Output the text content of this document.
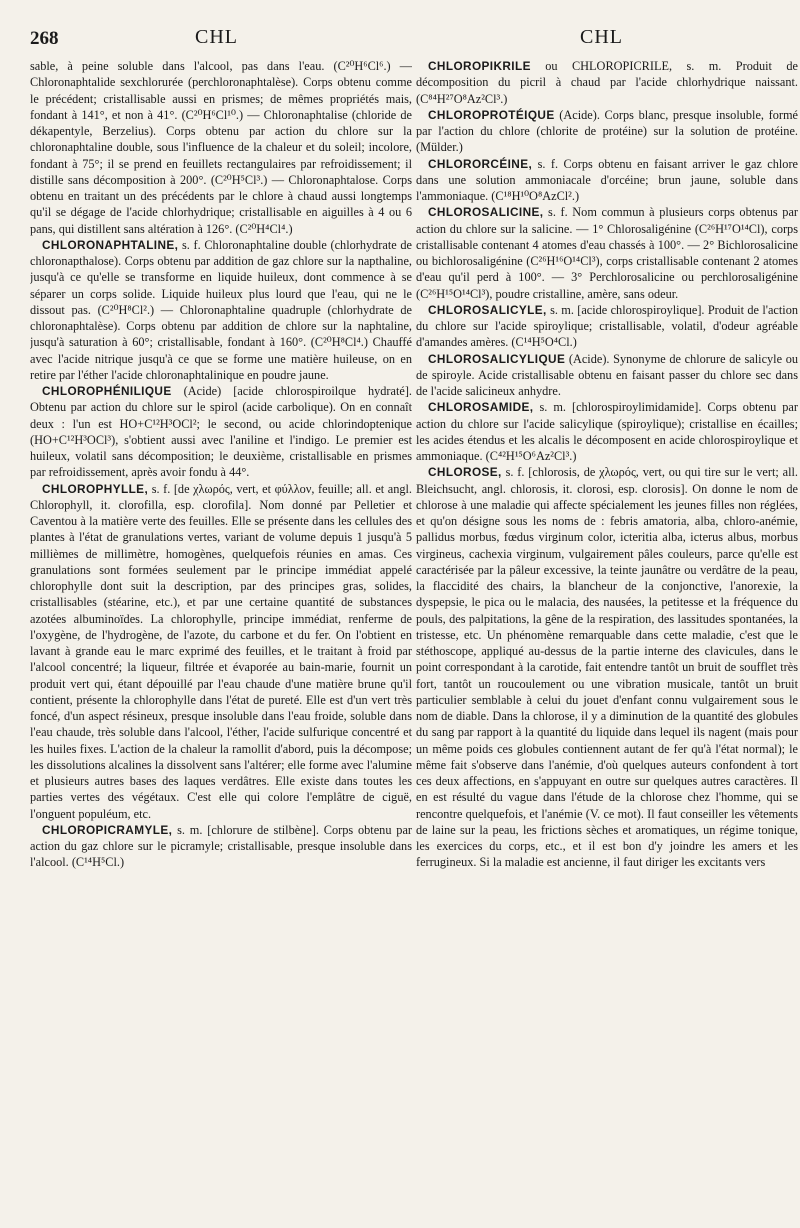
268	CHL	CHL

sable, à peine soluble dans l'alcool, pas dans l'eau. (C²⁰H⁶Cl⁶.) — Chloronaphtalide sexchlorurée (perchloronaphtalèse). Corps obtenu comme le précédent; cristallisable aussi en prismes; de mêmes propriétés mais, fondant à 141°, et non à 41°. (C²⁰H⁶Cl¹⁰.) — Chloronaphtalise (chloride de dékapentyle, Berzelius). Corps obtenu par action du chlore sur la chloronaphtaline double, sous l'influence de la chaleur et du soleil; incolore, fondant à 75°; il se prend en feuillets rectangulaires par refroidissement; il distille sans décomposition à 200°. (C²⁰H⁵Cl³.) — Chloronaphtalose. Corps obtenu en traitant un des précédents par le chlore à chaud aussi longtemps qu'il se dégage de l'acide chlorhydrique; cristallisable en aiguilles à 4 ou 6 pans, qui distillent sans altération à 126°. (C²⁰H⁴Cl⁴.)

CHLORONAPHTALINE, s. f. Chloronaphtaline double (chlorhydrate de chloronapthalose). Corps obtenu par addition de gaz chlore sur la napthaline, jusqu'à ce qu'elle se transforme en liquide huileux, dont commence à se séparer un corps solide. Liquide huileux plus lourd que l'eau, qui ne le dissout pas. (C²⁰H⁸Cl².) — Chloronaphtaline quadruple (chlorhydrate de chloronaphtalèse). Corps obtenu par addition de chlore sur la naphtaline, jusqu'à saturation à 60°; cristallisable, fondant à 160°. (C²⁰H⁸Cl⁴.) Chauffé avec l'acide nitrique jusqu'à ce que se forme une matière huileuse, on en retire par l'éther l'acide chloronaphtalinique en poudre jaune.

CHLOROPHÉNILIQUE (Acide) [acide chlorospiroilque hydraté]. Obtenu par action du chlore sur le spirol (acide carbolique). On en connaît deux : l'un est HO+C¹²H³OCl²; le second, ou acide chlorindoptenique (HO+C¹²H³OCl³), s'obtient aussi avec l'aniline et l'indigo. Le premier est huileux, volatil sans décomposition; le deuxième, cristallisable en prismes par refroidissement, après avoir fondu à 44°.

CHLOROPHYLLE, s. f. [de χλωρός, vert, et φύλλον, feuille; all. et angl. Chlorophyll, it. clorofilla, esp. clorofila]. Nom donné par Pelletier et Caventou à la matière verte des feuilles. Elle se présente dans les cellules des plantes à l'état de granulations vertes, variant de volume depuis 1 jusqu'à 5 millièmes de millimètre, homogènes, quelquefois réunies en amas. Ces granulations sont formées seulement par le principe immédiat appelé chlorophylle dont suit la description, par des principes gras, solides, cristallisables (stéarine, etc.), et par une certaine quantité de substances azotées albuminoïdes. La chlorophylle, principe immédiat, renferme de l'oxygène, de l'hydrogène, de l'azote, du carbone et du fer. On l'obtient en lavant à grande eau le marc exprimé des feuilles, et le traitant à froid par l'alcool concentré; la liqueur, filtrée et évaporée au bain-marie, fournit un produit vert qui, étant dépouillé par l'eau chaude d'une matière brune qu'il contient, présente la chlorophylle dans l'état de pureté. Elle est d'un vert très foncé, d'un aspect résineux, presque insoluble dans l'eau froide, soluble dans l'eau chaude, très soluble dans l'alcool, l'éther, l'acide sulfurique concentré et les huiles fixes. L'action de la chaleur la ramollit d'abord, puis la décompose; les dissolutions alcalines la dissolvent sans l'altérer; elle forme avec l'alumine et plusieurs autres bases des laques verdâtres. Elle existe dans toutes les parties vertes des végétaux. C'est elle qui colore l'emplâtre de ciguë, l'onguent populéum, etc.

CHLOROPICRAMYLE, s. m. [chlorure de stilbène]. Corps obtenu par action du gaz chlore sur le picramyle; cristallisable, presque insoluble dans l'alcool. (C¹⁴H⁵Cl.)

CHLOROPIKRILE ou CHLOROPICRILE, s. m. Produit de décomposition du picril à chaud par l'acide chlorhydrique naissant. (C⁸⁴H²⁷O⁸Az²Cl³.)

CHLOROPROTÉIQUE (Acide). Corps blanc, presque insoluble, formé par l'action du chlore (chlorite de protéine) sur la solution de protéine. (Mülder.)

CHLORORCÉINE, s. f. Corps obtenu en faisant arriver le gaz chlore dans une solution ammoniacale d'orcéine; brun jaune, soluble dans l'ammoniaque. (C¹⁸H¹⁰O⁸AzCl².)

CHLOROSALICINE, s. f. Nom commun à plusieurs corps obtenus par action du chlore sur la salicine. — 1° Chlorosaligénine (C²⁶H¹⁷O¹⁴Cl), corps cristallisable contenant 4 atomes d'eau chassés à 100°. — 2° Bichlorosalicine ou bichlorosaligénine (C²⁶H¹⁶O¹⁴Cl³), corps cristallisable contenant 2 atomes d'eau qu'il perd à 100°. — 3° Perchlorosalicine ou perchlorosaligénine (C²⁶H¹⁵O¹⁴Cl³), poudre cristalline, amère, sans odeur.

CHLOROSALICYLE, s. m. [acide chlorospiroylique]. Produit de l'action du chlore sur l'acide spiroylique; cristallisable, volatil, d'odeur agréable d'amandes amères. (C¹⁴H⁵O⁴Cl.)

CHLOROSALICYLIQUE (Acide). Synonyme de chlorure de salicyle ou de spiroyle. Acide cristallisable obtenu en faisant passer du chlore sec dans de l'acide salicineux anhydre.

CHLOROSAMIDE, s. m. [chlorospiroylimidamide]. Corps obtenu par action du chlore sur l'acide salicylique (spiroylique); cristallise en écailles; les acides étendus et les alcalis le décomposent en acide chlorospiroylique et ammoniaque. (C⁴²H¹⁵O⁶Az²Cl³.)

CHLOROSE, s. f. [chlorosis, de χλωρός, vert, ou qui tire sur le vert; all. Bleichsucht, angl. chlorosis, it. clorosi, esp. clorosis]. On donne le nom de chlorose à une maladie qui affecte spécialement les jeunes filles non réglées, et qu'on désigne sous les noms de : febris amatoria, alba, chloro-anémie, pallidus morbus, fœdus virginum color, icteritia alba, icterus albus, morbus virgineus, cachexia virginum, vulgairement pâles couleurs, parce qu'elle est caractérisée par la pâleur excessive, la teinte jaunâtre ou verdâtre de la peau, la flaccidité des chairs, la blancheur de la conjonctive, l'anorexie, la dyspepsie, le pica ou le malacia, des nausées, la petitesse et la fréquence du pouls, des palpitations, la gêne de la respiration, des lassitudes spontanées, la tristesse, etc. Un phénomène remarquable dans cette maladie, c'est que le stéthoscope, appliqué au-dessus de la partie interne des clavicules, dans le point correspondant à la carotide, fait entendre tantôt un bruit de soufflet très fort, tantôt un roucoulement ou une vibration musicale, tantôt un bruit particulier semblable à celui du jouet d'enfant connu vulgairement sous le nom de diable. Dans la chlorose, il y a diminution de la quantité des globules du sang par rapport à la quantité du liquide dans lequel ils nagent (mais pour un même poids ces globules contiennent autant de fer qu'à l'état normal); le même fait s'observe dans l'anémie, d'où quelques auteurs confondent à tort ces deux affections, en s'appuyant en outre sur quelques autres caractères. Il en est résulté du vague dans l'étude de la chlorose chez l'homme, qui se rencontre quelquefois, et l'anémie (V. ce mot). Il faut conseiller les vêtements de laine sur la peau, les frictions sèches et aromatiques, un régime tonique, les exercices du corps, etc., et il est bon d'y joindre les amers et les ferrugineux. Si la maladie est ancienne, il faut diriger les excitants vers
